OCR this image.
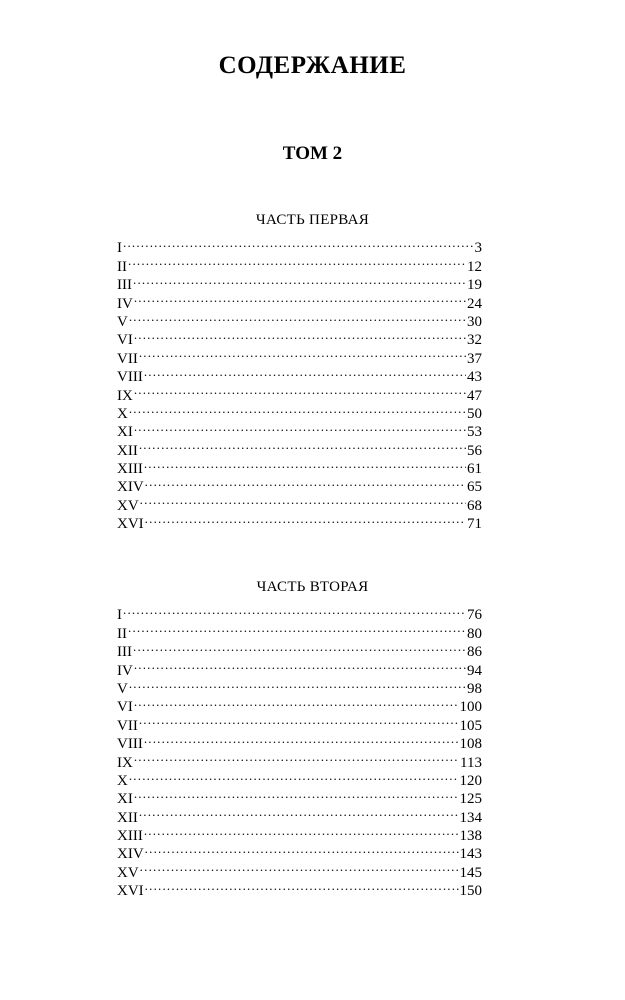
СОДЕРЖАНИЕ
ТОМ 2
ЧАСТЬ ПЕРВАЯ
I .....	3
II .....	12
III .....	19
IV .....	24
V .....	30
VI .....	32
VII .....	37
VIII .....	43
IX .....	47
X .....	50
XI .....	53
XII .....	56
XIII .....	61
XIV .....	65
XV .....	68
XVI .....	71
ЧАСТЬ ВТОРАЯ
I .....	76
II .....	80
III .....	86
IV .....	94
V .....	98
VI .....	100
VII .....	105
VIII .....	108
IX .....	113
X .....	120
XI .....	125
XII .....	134
XIII .....	138
XIV .....	143
XV .....	145
XVI .....	150
